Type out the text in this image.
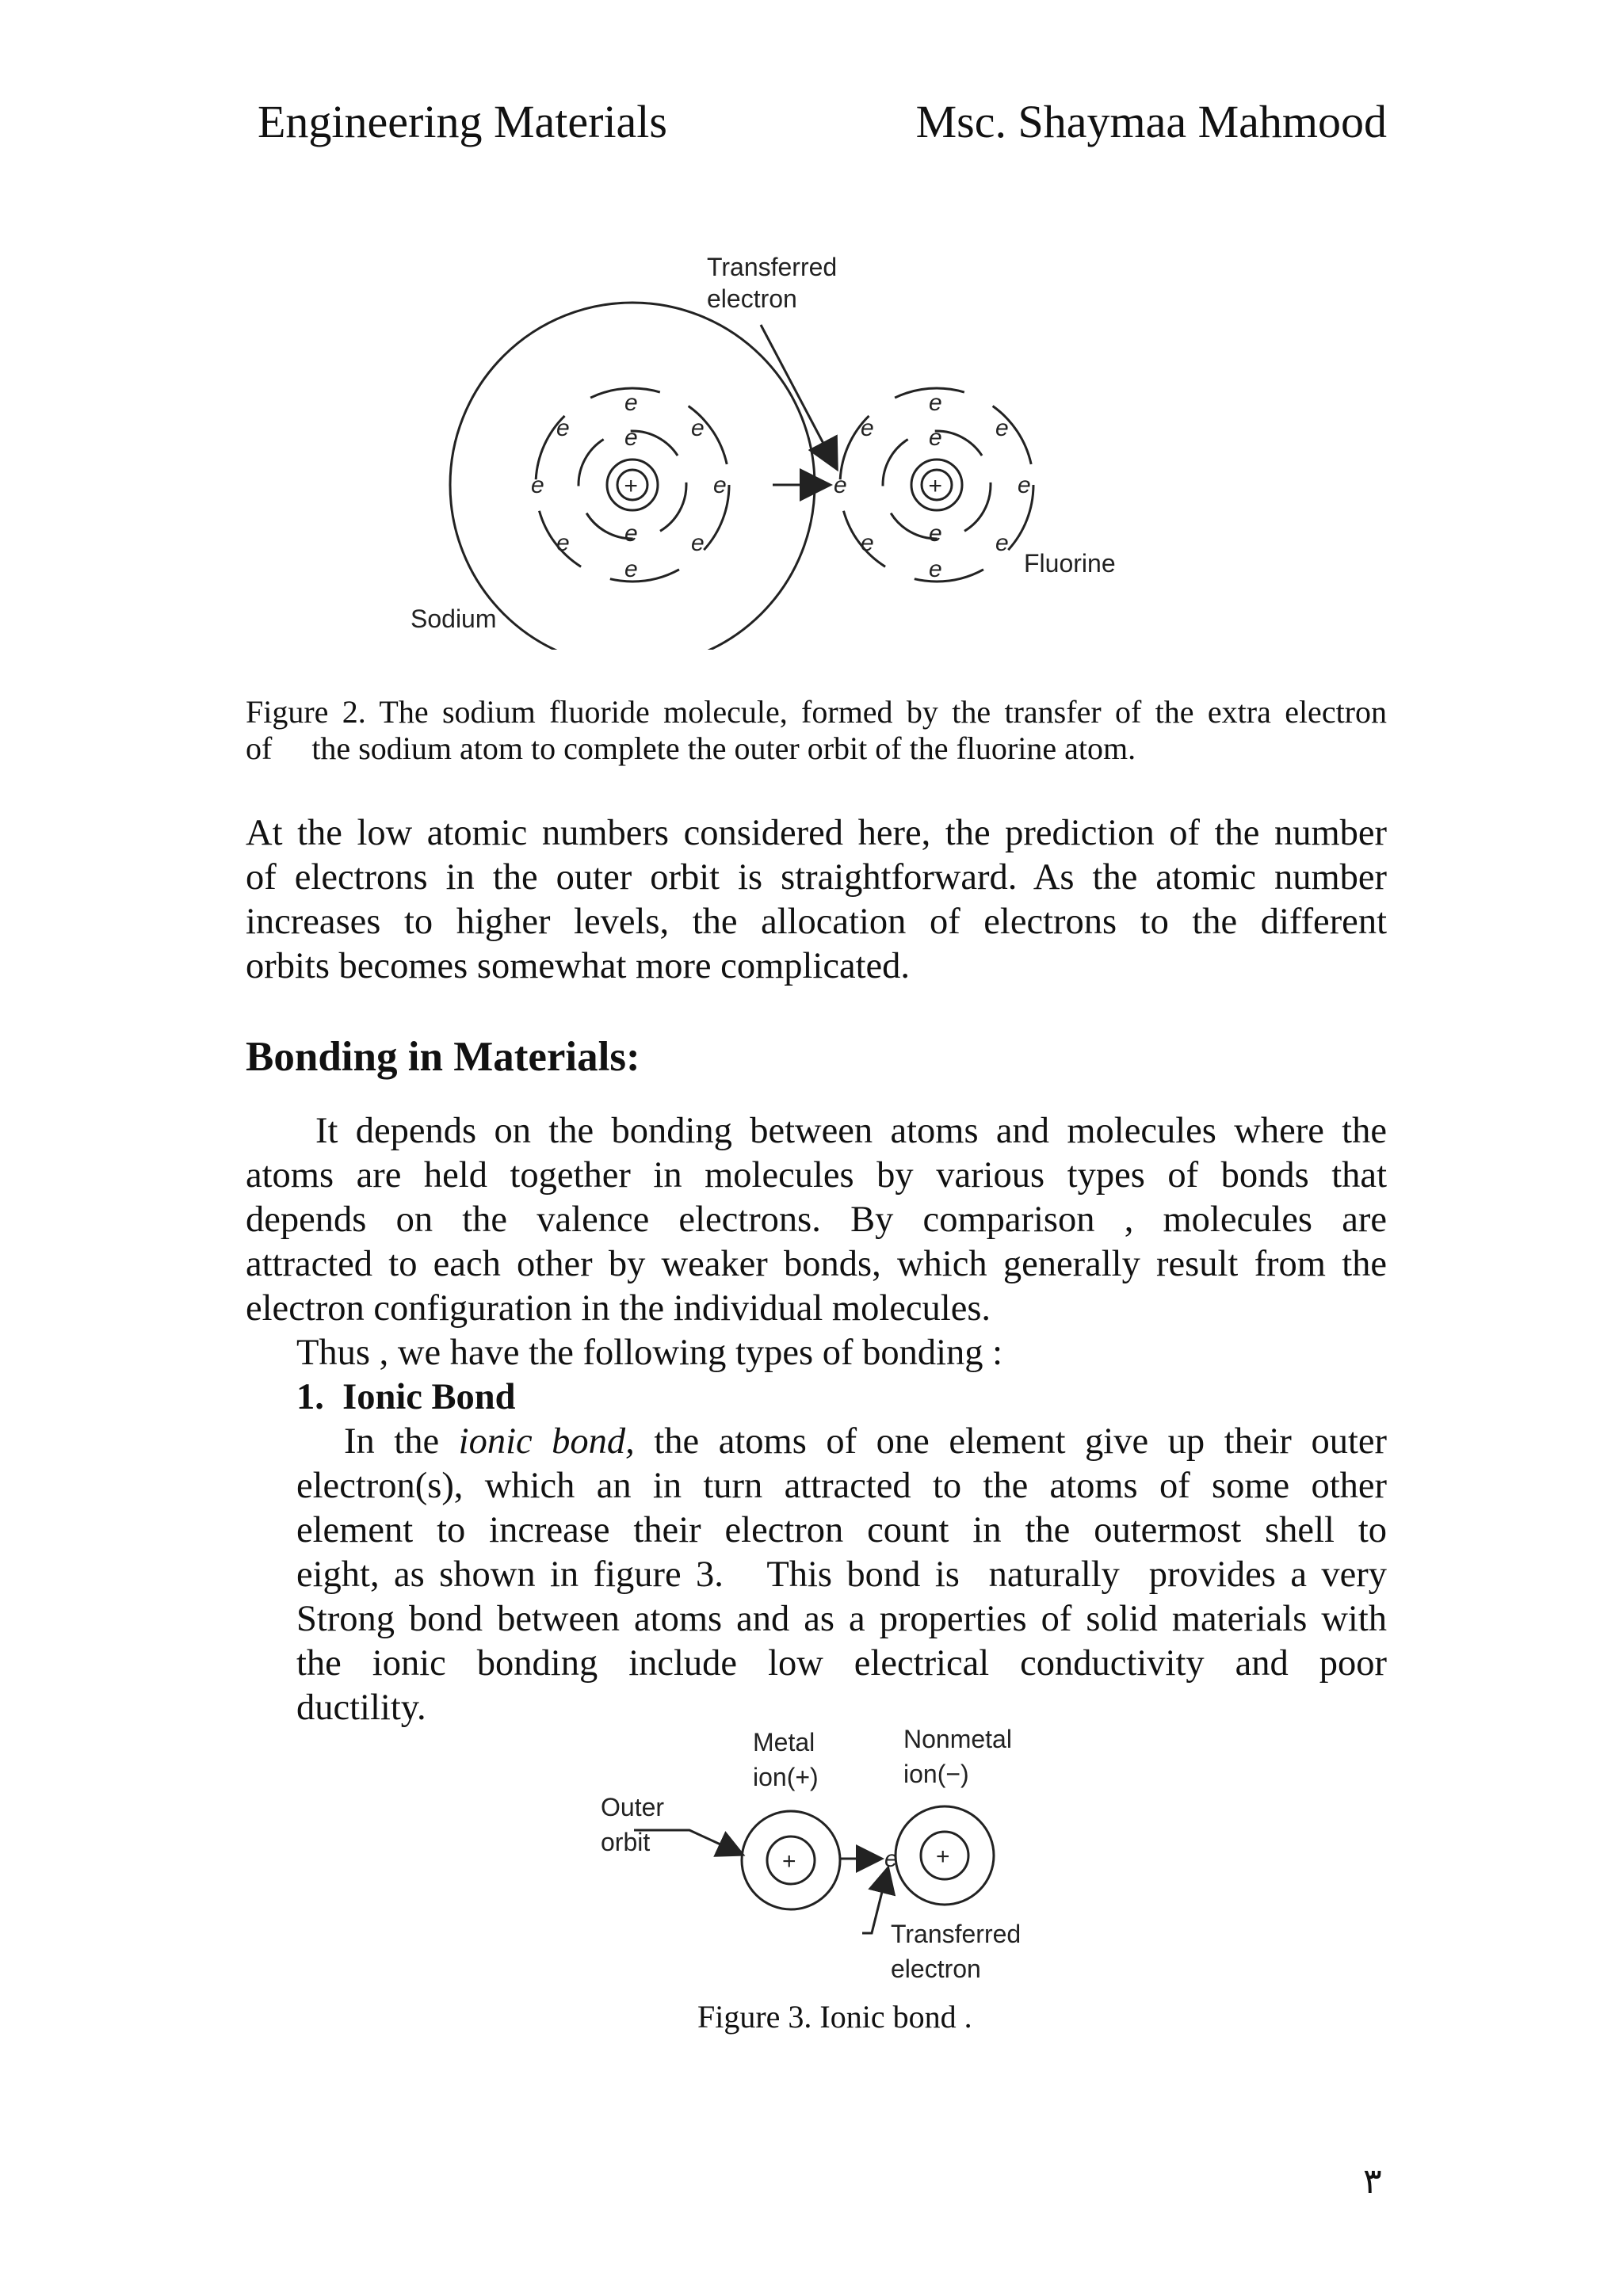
Engineering Materials	Msc. Shaymaa Mahmood
+
e
e
e
e
e	e
e	e
e	e
+
e
e
e
e
e
e
e	e
e	e
Transferred
electron
Sodium
Fluorine
Figure 2. The sodium fluoride molecule, formed by the transfer of the extra electron
of     the sodium atom to complete the outer orbit of the fluorine atom.
At the low atomic numbers considered here, the prediction of the number
of electrons in the outer orbit is straightforward. As the atomic number
increases to higher levels, the allocation of electrons to the different
orbits becomes somewhat more complicated.
Bonding in Materials:
It depends on the bonding between atoms and molecules where the
atoms are held together in molecules by various types of bonds that
depends on the valence electrons. By comparison , molecules are
attracted to each other by weaker bonds, which generally result from the
electron configuration in the individual molecules.
Thus , we have the following types of bonding :
1.  Ionic Bond
In the ionic bond, the atoms of one element give up their outer
electron(s), which an in turn attracted to the atoms of some other
element to increase their electron count in the outermost shell to
eight, as shown in figure 3.   This bond is  naturally  provides a very
Strong bond between atoms and as a properties of solid materials with
the ionic bonding include low electrical conductivity and poor
ductility.
+	+
e
Metal
ion(+)
Nonmetal
ion(−)
Outer
orbit
Transferred
electron
Figure 3. Ionic bond .
٣
